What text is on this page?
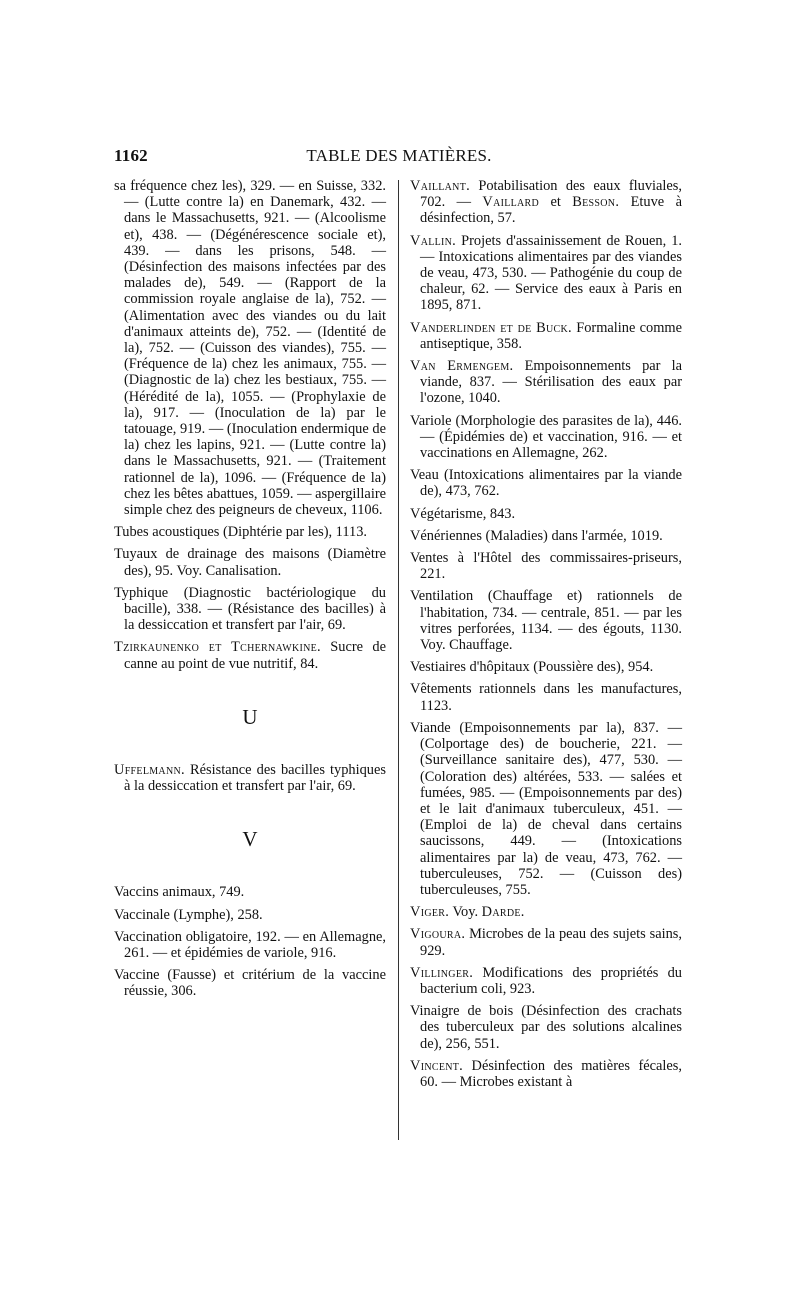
1162	TABLE DES MATIÈRES.

sa fréquence chez les), 329. — en Suisse, 332. — (Lutte contre la) en Danemark, 432. — dans le Massachusetts, 921. — (Alcoolisme et), 438. — (Dégénérescence sociale et), 439. — dans les prisons, 548. — (Désinfection des maisons infectées par des malades de), 549. — (Rapport de la commission royale anglaise de la), 752. — (Alimentation avec des viandes ou du lait d'animaux atteints de), 752. — (Identité de la), 752. — (Cuisson des viandes), 755. — (Fréquence de la) chez les animaux, 755. — (Diagnostic de la) chez les bestiaux, 755. — (Hérédité de la), 1055. — (Prophylaxie de la), 917. — (Inoculation de la) par le tatouage, 919. — (Inoculation endermique de la) chez les lapins, 921. — (Lutte contre la) dans le Massachusetts, 921. — (Traitement rationnel de la), 1096. — (Fréquence de la) chez les bêtes abattues, 1059. — aspergillaire simple chez des peigneurs de cheveux, 1106.

Tubes acoustiques (Diphtérie par les), 1113.

Tuyaux de drainage des maisons (Diamètre des), 95. Voy. Canalisation.

Typhique (Diagnostic bactériologique du bacille), 338. — (Résistance des bacilles) à la dessiccation et transfert par l'air, 69.

Tzirkaunenko et Tchernawkine. Sucre de canne au point de vue nutritif, 84.

U

Uffelmann. Résistance des bacilles typhiques à la dessiccation et transfert par l'air, 69.

V

Vaccins animaux, 749.

Vaccinale (Lymphe), 258.

Vaccination obligatoire, 192. — en Allemagne, 261. — et épidémies de variole, 916.

Vaccine (Fausse) et critérium de la vaccine réussie, 306.

Vaillant. Potabilisation des eaux fluviales, 702. — Vaillard et Besson. Etuve à désinfection, 57.

Vallin. Projets d'assainissement de Rouen, 1. — Intoxications alimentaires par des viandes de veau, 473, 530. — Pathogénie du coup de chaleur, 62. — Service des eaux à Paris en 1895, 871.

Vanderlinden et de Buck. Formaline comme antiseptique, 358.

Van Ermengem. Empoisonnements par la viande, 837. — Stérilisation des eaux par l'ozone, 1040.

Variole (Morphologie des parasites de la), 446. — (Épidémies de) et vaccination, 916. — et vaccinations en Allemagne, 262.

Veau (Intoxications alimentaires par la viande de), 473, 762.

Végétarisme, 843.

Vénériennes (Maladies) dans l'armée, 1019.

Ventes à l'Hôtel des commissaires-priseurs, 221.

Ventilation (Chauffage et) rationnels de l'habitation, 734. — centrale, 851. — par les vitres perforées, 1134. — des égouts, 1130. Voy. Chauffage.

Vestiaires d'hôpitaux (Poussière des), 954.

Vêtements rationnels dans les manufactures, 1123.

Viande (Empoisonnements par la), 837. — (Colportage des) de boucherie, 221. — (Surveillance sanitaire des), 477, 530. — (Coloration des) altérées, 533. — salées et fumées, 985. — (Empoisonnements par des) et le lait d'animaux tuberculeux, 451. —(Emploi de la) de cheval dans certains saucissons, 449. — (Intoxications alimentaires par la) de veau, 473, 762. — tuberculeuses, 752. — (Cuisson des) tuberculeuses, 755.

Viger. Voy. Darde.

Vigoura. Microbes de la peau des sujets sains, 929.

Villinger. Modifications des propriétés du bacterium coli, 923.

Vinaigre de bois (Désinfection des crachats des tuberculeux par des solutions alcalines de), 256, 551.

Vincent. Désinfection des matières fécales, 60. — Microbes existant à
